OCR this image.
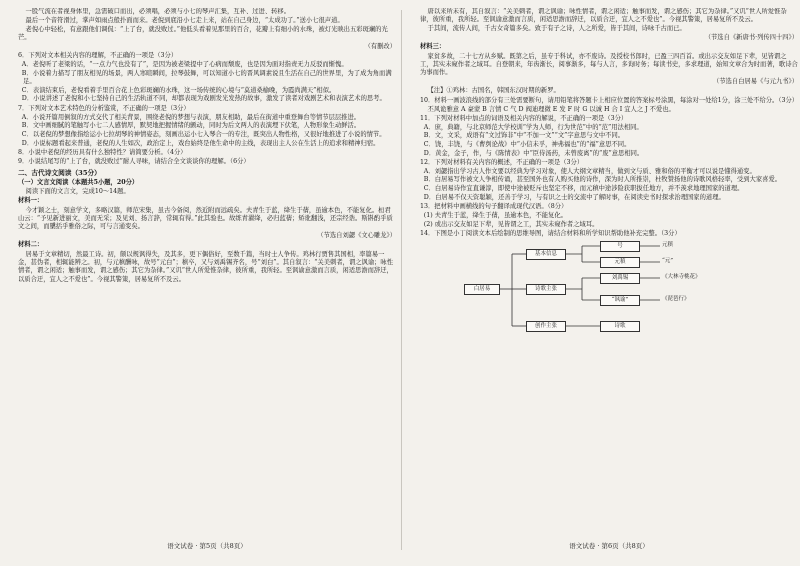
一股气流在者视身体里，急需破口而出，必须唱，必须与小七的琴声汇集，互补、过进、转移。

最后一个音符滑过，掌声如雨点般扑面而来。老倪到底沿小七走上来，站在自己身边，“太成功了。”送小七很声道。

老倪心中轻松，有意跟他们调侃：“上了台，就没败过。”他低头看着见那里的百合，花瓣上有细小的水珠，被灯光映出五彩斑斓的光芒。

（有删改）

6．下列对文本相关内容的理解，不正确的一项是（3分）

A．老倪听了老梁的话，“一点力气也没有了”，是因为被老梁提中了心病而颓废，也是因为面对指责无力反驳而惭愧。

B．小说着力描写了朋友相见的场景，两人寒暄瞬间，拉琴鼓舞，可以知道小七的晋风调素说且生活在自己的世界里，为了成为角而满足。

C．表演结束后，老倪看着手里百合花上色彩斑斓的水珠，这一场传统的心境与“莫道桑榆晚，为霞尚满天”相似。

D．小说讲述了老倪和小七坚持自己的生活轨道不同，却都表现为戏剧发光发热的故事，激发了读者对戏剧艺术和表演艺术的思考。

7．下列对文本艺术特色的分析鉴赏，不正确的一项是（3分）

A．小说开篇用倒叙的方式交代了相关背景，围绕老倪的梦想与表演，朋友相助，最后在街道中重登舞台等情节层层推进。

B．文中画细腻的笔触写小七二人感情厚，默契地把握情绪的颤动，同时为后文两人的表演埋下伏笔，人物形象生动鲜活。

C．以老倪的梦想像指绘运小七拉胡琴的神情姿态，刻画出运小七入琴合一的专注，既突出人物性格，又很好地推进了小说的情节。

D．小说标题看起来普通，老倪的人生如次，政治定上，戏台始终是他生命中的主线，表现出主人公在生活上的追求和精神归宿。

8．小说中老倪的经历具有什么独特性？请简要分析。（4分）

9．小说结尾写的“上了台，就没败过”耐人寻味，请结合全文谈谈你的理解。（6分）

二、古代诗文阅读（35分）

（一）文言文阅读（本题共5小题，20分）

阅读下面的文言文，完成10～14题。

材料一：

今才颖之士，刻意学文，多略汉篇，师范宋集，虽古今备阅，然近附而远疏矣。夫青生于蓝，绛生于蒨，虽逾本色，不能复化。桓君山云：“予见新进丽文，美而无采；及见刘、扬言辞，常辄有得。”此其验也。故练青濯绛，必归蓝蒨；矫讹翻浅，还宗经诰。斯斟酌乎质文之间，而櫽括乎雅俗之际，可与言通变矣。

（节选自刘勰《文心雕龙》）

材料二：

居易于文章精切，然最工诗。初，颇以规讽得失，及其多，更下偶俗好，至数千篇，当时士人争传。鸡林行贾售其国相，率篇易一金，甚伪者，相辄能辨之。初，与元稹酬咏，故号“元白”；稹卒，又与刘禹锡齐名，号“刘白”。其自叙言：“关美刺者，谓之讽谕；咏性情者，谓之闲适；触事而发，谓之感伤；其它为杂律。”又讥“世人所爱惟杂律，彼所重，我所轻。至讽谕意激而言质，闲适思澹而辞迂，以质合迂，宜人之不爱也”。今视其警策，居易复所不及云。

语文试卷 · 第5页（共8页）

唐以来所未有，其自叙言：“关美刺者，谓之讽谕；咏性情者，谓之闲适；触事而发，谓之感伤；其它为杂律。”又讥“世人所爱惟杂律，彼所重，我所轻。至讽谕意激而言质，闲适思澹而辞迂，以质合迂，宜人之不爱也”。今视其警策，居易复所不及云。

于其间，流传人间，千古女奇篇多矣。致于有子之诗，人之所爱，皆于其间，诗咏千古而已。

（节选自《新唐书·列传四十四》）

材料三：

家贫多故，二十七方从乡赋。既第之后，虽专于科试，亦不废诗。及授校书郎时，已盈三四百首。或出示交友如足下辈，见皆谓之工，其实未窥作者之域耳。自登朝来，年齿渐长，阅事渐多，每与人言，多询时务；每读书史，多求理道，始知文章合为时而著，歌诗合为事而作。

（节选自白居易《与元九书》）

【注】①鸡林：古国名，韩国东汉时期的新罗。

10．材料一画波浪线的部分有三处需要断句，请用铅笔将答题卡上相应位置的答案标号涂黑，每涂对一处给1分，涂三处不给分。（3分）

丕风诡雅意 A 豪蒙 B 言情 C 气 D 阀迪理微 E 发 F 时 G 以诚 H 合 I 宜人之 J 不爱也。

11．下列对材料中加点的词语及相关内容的解说，不正确的一项是（3分）

A．庶，典籍，与北京师范大学校训“学为人师，行为世范”中的“范”用法相同。

B．文，文采，成语有“文过饰非”中“不加一文”“文”字意思与文中不同。

C．饶，丰饶，与《曹刿论战》中“小信未孚，神弗福也”的“福”意思不同。

D．黄金，金子，作，与《陈情表》中“臣侍汤药，未曾废离”的“废”意思相同。

12．下列对材料有关内容的概述，不正确的一项是（3分）

A．刘勰指出学习古人作文要以经典为学习对象，使人大纲文章精当，做到文与质、雅和俗的平衡才可以说是懂得通变。

B．白居易写作被文人争相传诵，甚至国外也有人购买他的诗作，深为时人所推崇，杜牧赞扬他的诗歌风格轻率，受到大家喜爱。

C．白居易诗作宜直谦淳，即使中途被贬斥也坚定不移，而元稹中途涉险获职拔任地方，并不羡求地理国家的道理。

D．白居易不仅天资聪颖，还善于学习，与有识之士的交流中了解时事，在阅读史书时探求治理国家的道理。

13．把材料中画横线的句子翻译成现代汉语。（8分）

(1) 夫青生于蓝，绛生于蒨，虽逾本色，不能复化。

(2) 或出示交友如足下辈，见皆谓之工，其实未窥作者之域耳。

14．下图是小丁阅读文本后绘制的思维导图，请结合材料和所学知识帮助他补充完整。（3分）

白居易
基本信息
诗歌主张
创作主张
号
元稹
刘禹锡
“讽谕”
诗歌
元稹
“元”
《大林寺桃花》
《琵琶行》
语文试卷 · 第6页（共8页）
